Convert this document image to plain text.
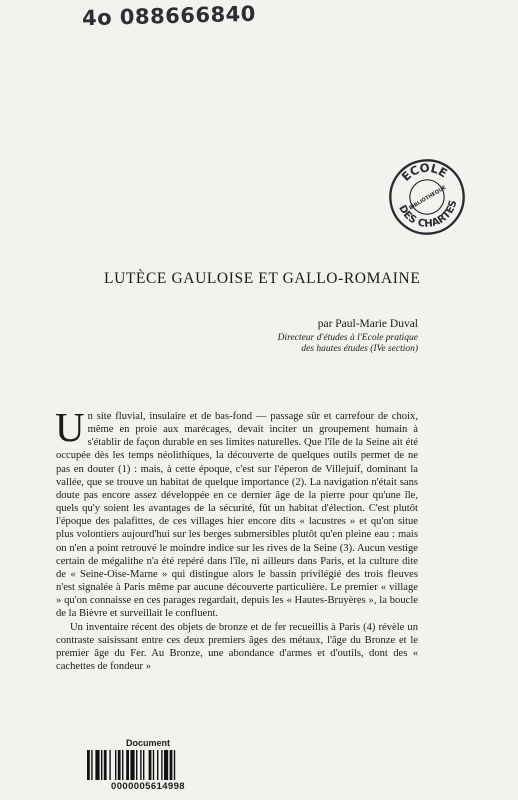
4o 088666840
ECOLE
DES CHARTES
BIBLIOTHEQUE
LUTÈCE GAULOISE ET GALLO-ROMAINE
par Paul-Marie Duval
Directeur d'études à l'Ecole pratique
des hautes études (IVe section)

Un site fluvial, insulaire et de bas-fond — passage sûr et carrefour de choix, même en proie aux marécages, devait inciter un groupement humain à s'établir de façon durable en ses limites naturelles. Que l'île de la Seine ait été occupée dès les temps néolithiques, la découverte de quelques outils permet de ne pas en douter (1) : mais, à cette époque, c'est sur l'éperon de Villejuif, dominant la vallée, que se trouve un habitat de quelque importance (2). La navigation n'était sans doute pas encore assez développée en ce dernier âge de la pierre pour qu'une île, quels qu'y soient les avantages de la sécurité, fût un habitat d'élection. C'est plutôt l'époque des palafittes, de ces villages hier encore dits « lacustres » et qu'on situe plus volontiers aujourd'hui sur les berges submersibles plutôt qu'en pleine eau : mais on n'en a point retrouvé le moindre indice sur les rives de la Seine (3). Aucun vestige certain de mégalithe n'a été repéré dans l'île, ni ailleurs dans Paris, et la culture dite de « Seine-Oise-Marne » qui distingue alors le bassin privilégié des trois fleuves n'est signalée à Paris même par aucune découverte particulière. Le premier « village » qu'on connaisse en ces parages regardait, depuis les « Hautes-Bruyères », la boucle de la Bièvre et surveillait le confluent.

Un inventaire récent des objets de bronze et de fer recueillis à Paris (4) révèle un contraste saisissant entre ces deux premiers âges des métaux, l'âge du Bronze et le premier âge du Fer. Au Bronze, une abondance d'armes et d'outils, dont des « cachettes de fondeur »

Document
0000005614998
